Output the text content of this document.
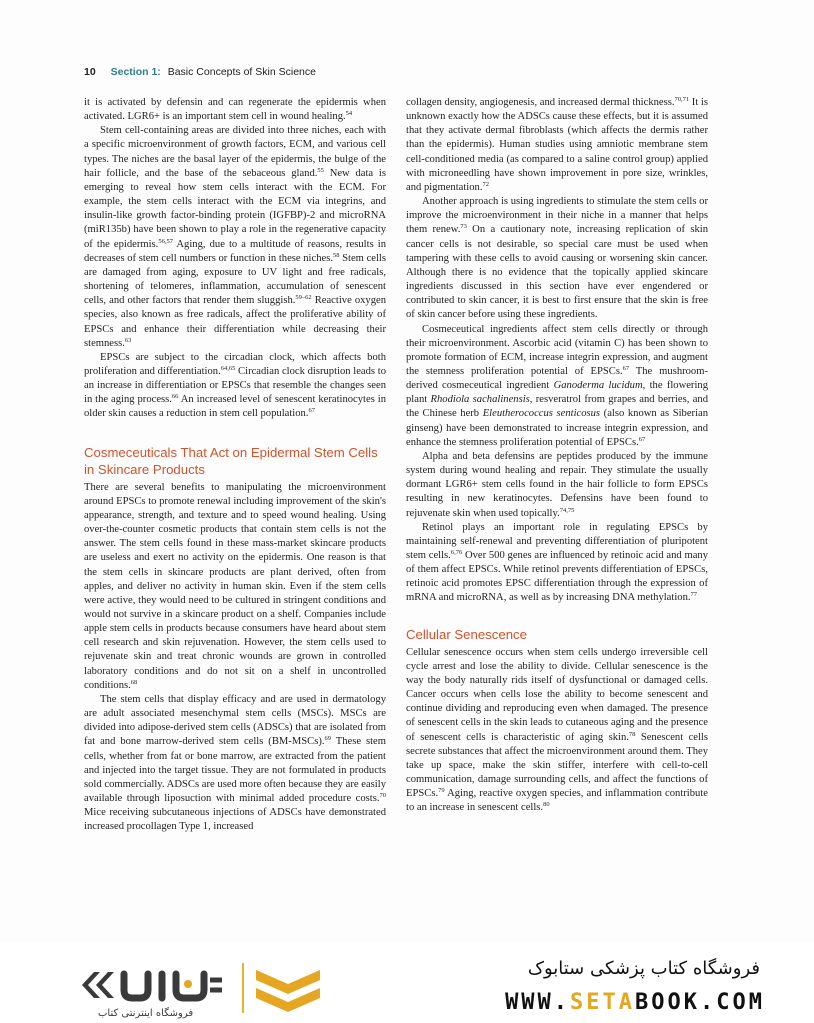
10 Section 1: Basic Concepts of Skin Science

it is activated by defensin and can regenerate the epidermis when activated. LGR6+ is an important stem cell in wound healing.$^{54}$

Stem cell-containing areas are divided into three niches, each with a specific microenvironment of growth factors, ECM, and various cell types. The niches are the basal layer of the epidermis, the bulge of the hair follicle, and the base of the sebaceous gland.$^{55}$ New data is emerging to reveal how stem cells interact with the ECM. For example, the stem cells interact with the ECM via integrins, and insulin-like growth factor-binding protein (IGFBP)-2 and microRNA (miR135b) have been shown to play a role in the regenerative capacity of the epidermis.$^{56,57}$ Aging, due to a multitude of reasons, results in decreases of stem cell numbers or function in these niches.$^{58}$ Stem cells are damaged from aging, exposure to UV light and free radicals, shortening of telomeres, inflammation, accumulation of senescent cells, and other factors that render them sluggish.$^{59-62}$ Reactive oxygen species, also known as free radicals, affect the proliferative ability of EPSCs and enhance their differentiation while decreasing their stemness.$^{63}$

EPSCs are subject to the circadian clock, which affects both proliferation and differentiation.$^{64,65}$ Circadian clock disruption leads to an increase in differentiation or EPSCs that resemble the changes seen in the aging process.$^{66}$ An increased level of senescent keratinocytes in older skin causes a reduction in stem cell population.$^{67}$

Cosmeceuticals That Act on Epidermal Stem Cells in Skincare Products

There are several benefits to manipulating the microenvironment around EPSCs to promote renewal including improvement of the skin's appearance, strength, and texture and to speed wound healing. Using over-the-counter cosmetic products that contain stem cells is not the answer. The stem cells found in these mass-market skincare products are useless and exert no activity on the epidermis. One reason is that the stem cells in skincare products are plant derived, often from apples, and deliver no activity in human skin. Even if the stem cells were active, they would need to be cultured in stringent conditions and would not survive in a skincare product on a shelf. Companies include apple stem cells in products because consumers have heard about stem cell research and skin rejuvenation. However, the stem cells used to rejuvenate skin and treat chronic wounds are grown in controlled laboratory conditions and do not sit on a shelf in uncontrolled conditions.$^{68}$

The stem cells that display efficacy and are used in dermatology are adult associated mesenchymal stem cells (MSCs). MSCs are divided into adipose-derived stem cells (ADSCs) that are isolated from fat and bone marrow-derived stem cells (BM-MSCs).$^{69}$ These stem cells, whether from fat or bone marrow, are extracted from the patient and injected into the target tissue. They are not formulated in products sold commercially. ADSCs are used more often because they are easily available through liposuction with minimal added procedure costs.$^{70}$ Mice receiving subcutaneous injections of ADSCs have demonstrated increased procollagen Type 1, increased

collagen density, angiogenesis, and increased dermal thickness.$^{70,71}$ It is unknown exactly how the ADSCs cause these effects, but it is assumed that they activate dermal fibroblasts (which affects the dermis rather than the epidermis). Human studies using amniotic membrane stem cell-conditioned media (as compared to a saline control group) applied with microneedling have shown improvement in pore size, wrinkles, and pigmentation.$^{72}$

Another approach is using ingredients to stimulate the stem cells or improve the microenvironment in their niche in a manner that helps them renew.$^{73}$ On a cautionary note, increasing replication of skin cancer cells is not desirable, so special care must be used when tampering with these cells to avoid causing or worsening skin cancer. Although there is no evidence that the topically applied skincare ingredients discussed in this section have ever engendered or contributed to skin cancer, it is best to first ensure that the skin is free of skin cancer before using these ingredients.

Cosmeceutical ingredients affect stem cells directly or through their microenvironment. Ascorbic acid (vitamin C) has been shown to promote formation of ECM, increase integrin expression, and augment the stemness proliferation potential of EPSCs.$^{67}$ The mushroom-derived cosmeceutical ingredient Ganoderma lucidum, the flowering plant Rhodiola sachalinensis, resveratrol from grapes and berries, and the Chinese herb Eleutherococcus senticosus (also known as Siberian ginseng) have been demonstrated to increase integrin expression, and enhance the stemness proliferation potential of EPSCs.$^{67}$

Alpha and beta defensins are peptides produced by the immune system during wound healing and repair. They stimulate the usually dormant LGR6+ stem cells found in the hair follicle to form EPSCs resulting in new keratinocytes. Defensins have been found to rejuvenate skin when used topically.$^{74,75}$

Retinol plays an important role in regulating EPSCs by maintaining self-renewal and preventing differentiation of pluripotent stem cells.$^{6,76}$ Over 500 genes are influenced by retinoic acid and many of them affect EPSCs. While retinol prevents differentiation of EPSCs, retinoic acid promotes EPSC differentiation through the expression of mRNA and microRNA, as well as by increasing DNA methylation.$^{77}$

Cellular Senescence

Cellular senescence occurs when stem cells undergo irreversible cell cycle arrest and lose the ability to divide. Cellular senescence is the way the body naturally rids itself of dysfunctional or damaged cells. Cancer occurs when cells lose the ability to become senescent and continue dividing and reproducing even when damaged. The presence of senescent cells in the skin leads to cutaneous aging and the presence of senescent cells is characteristic of aging skin.$^{78}$ Senescent cells secrete substances that affect the microenvironment around them. They take up space, make the skin stiffer, interfere with cell-to-cell communication, damage surrounding cells, and affect the functions of EPSCs.$^{79}$ Aging, reactive oxygen species, and inflammation contribute to an increase in senescent cells.$^{80}$

فروشگاه اینترنتی کتاب
فروشگاه کتاب پزشکی ستابوک
WWW.SETABOOK.COM
